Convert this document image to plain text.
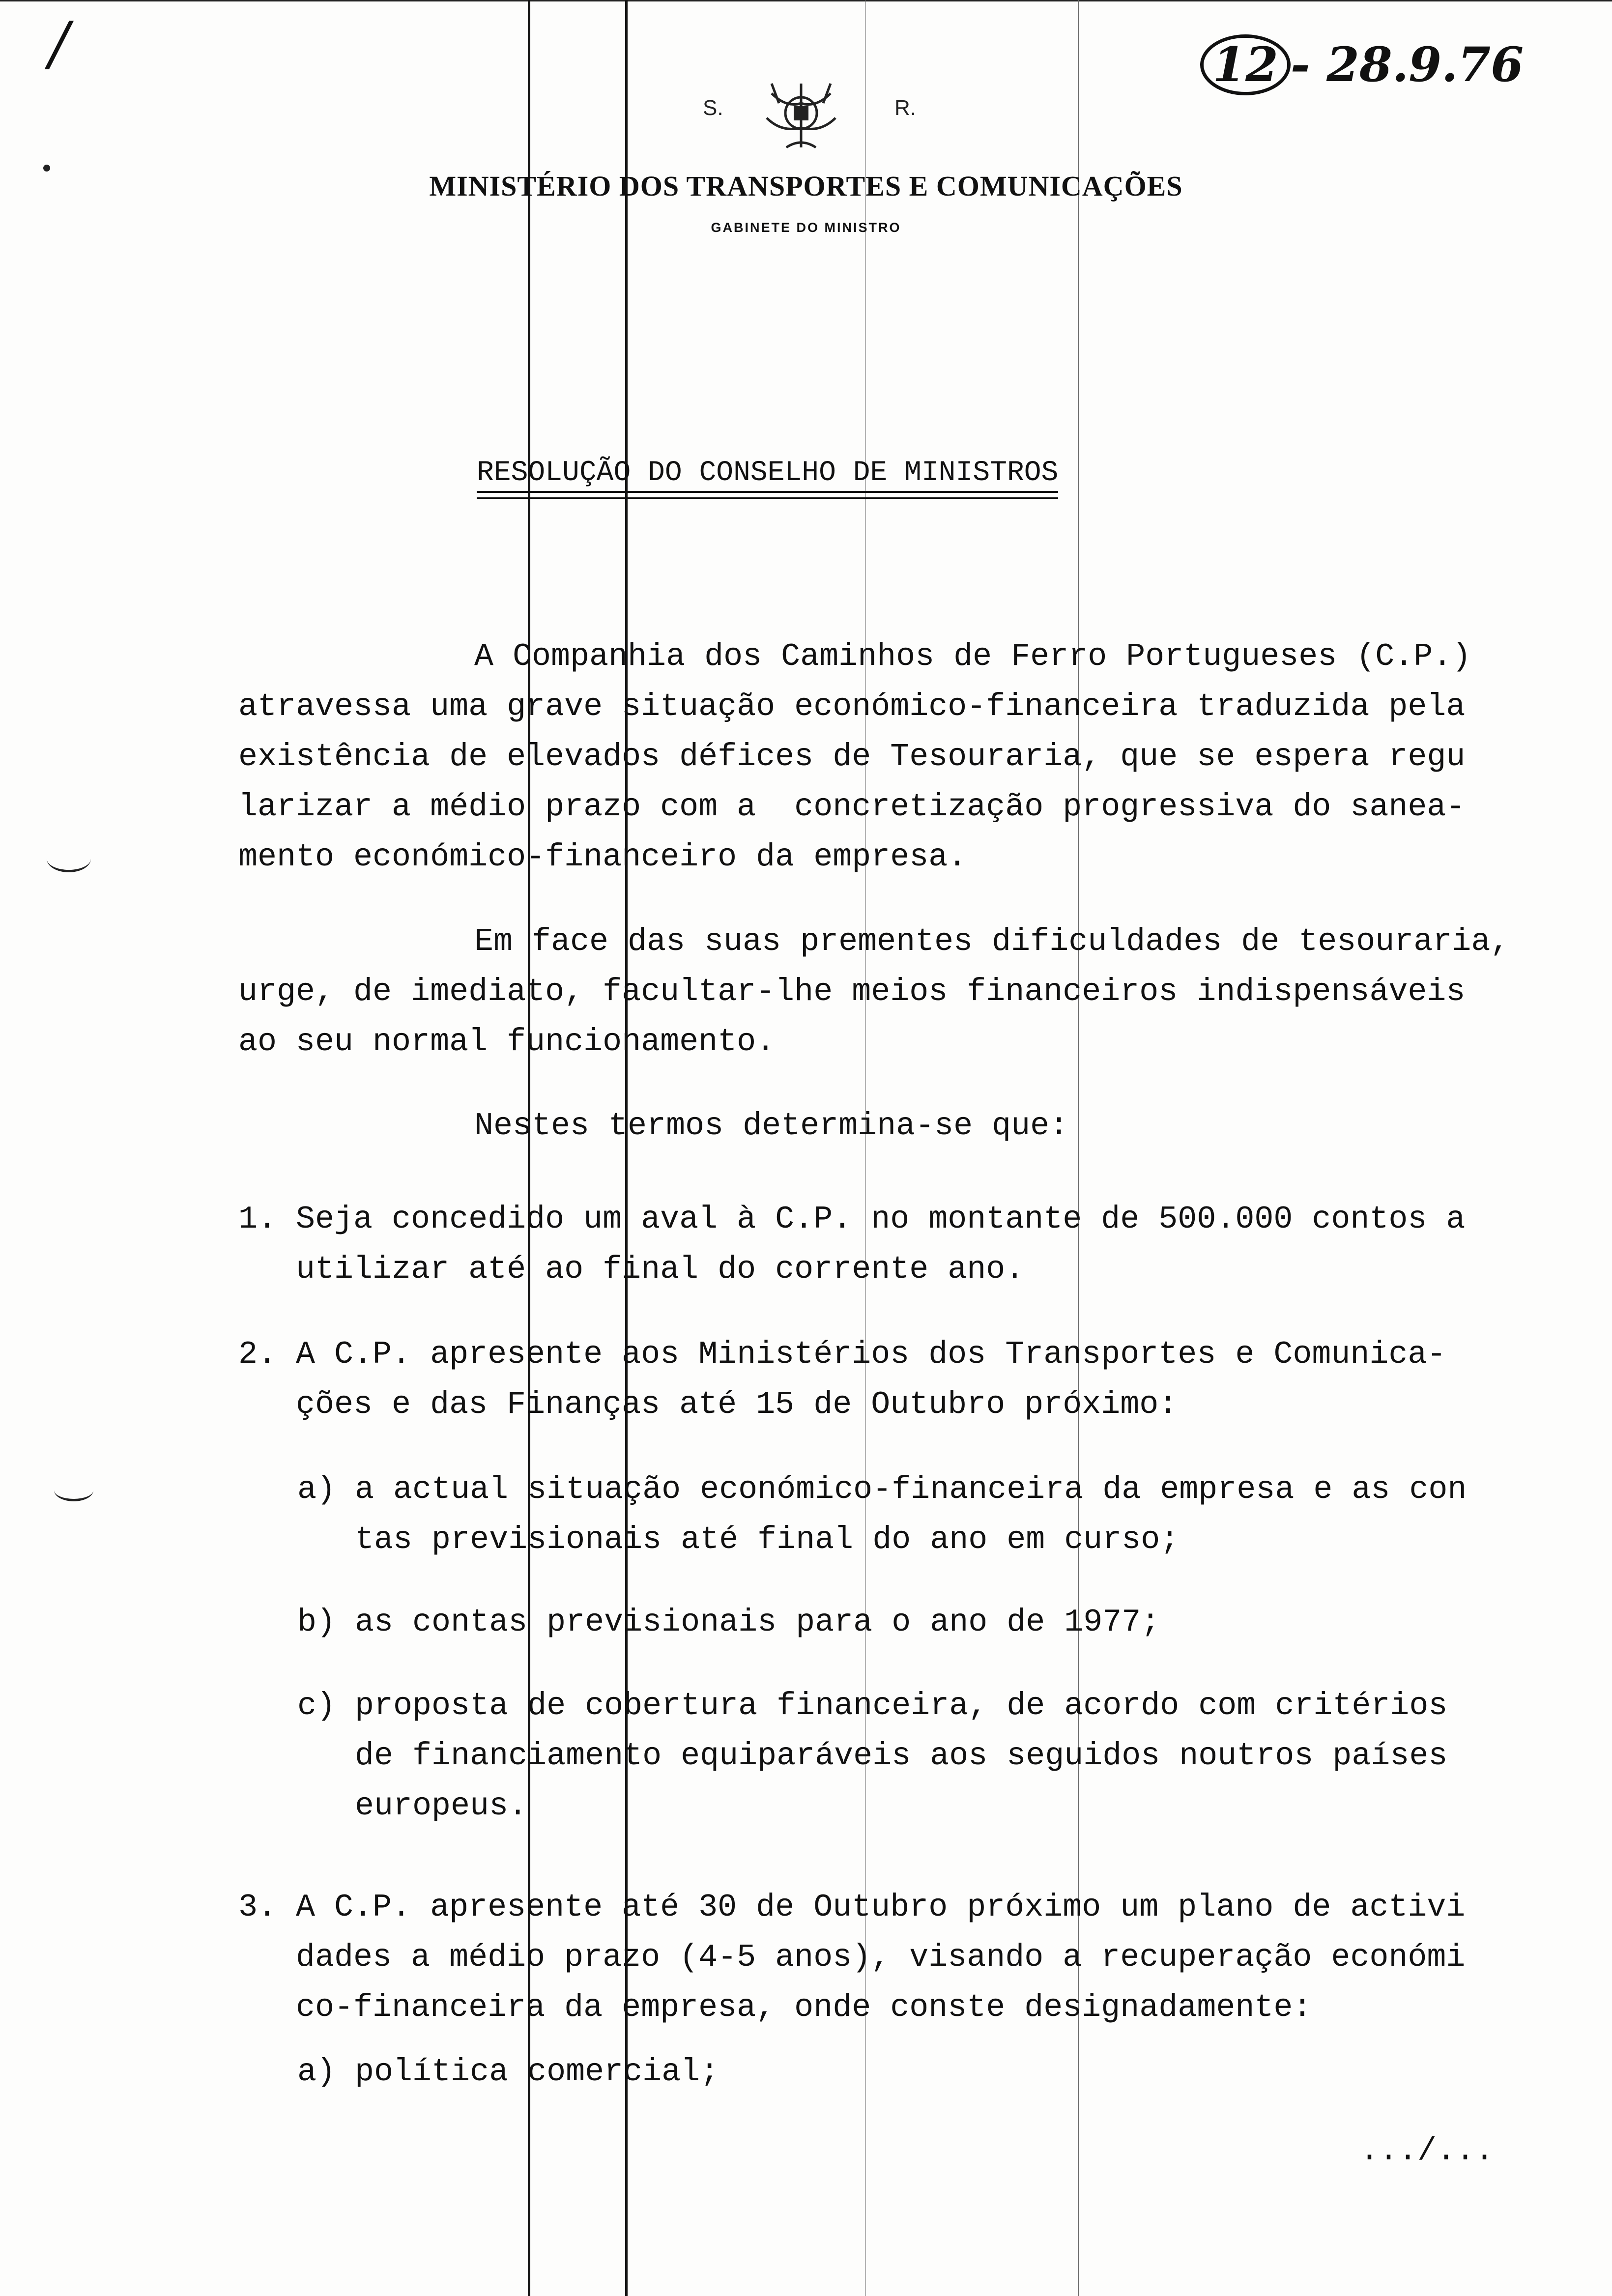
/	12 - 28.9.76
S.	R.
MINISTÉRIO DOS TRANSPORTES E COMUNICAÇÕES
GABINETE DO MINISTRO
RESOLUÇÃO DO CONSELHO DE MINISTROS
A Companhia dos Caminhos de Ferro Portugueses (C.P.)
atravessa uma grave situação económico-financeira traduzida pela
existência de elevados défices de Tesouraria, que se espera regu
larizar a médio prazo com a  concretização progressiva do sanea-
mento económico-financeiro da empresa.
Em face das suas prementes dificuldades de tesouraria,
urge, de imediato, facultar-lhe meios financeiros indispensáveis
ao seu normal funcionamento.
Nestes termos determina-se que:
1. Seja concedido um aval à C.P. no montante de 500.000 contos a
utilizar até ao final do corrente ano.
2. A C.P. apresente aos Ministérios dos Transportes e Comunica-
ções e das Finanças até 15 de Outubro próximo:
a) a actual situação económico-financeira da empresa e as con
tas previsionais até final do ano em curso;
b) as contas previsionais para o ano de 1977;
c) proposta de cobertura financeira, de acordo com critérios
de financiamento equiparáveis aos seguidos noutros países
europeus.
3. A C.P. apresente até 30 de Outubro próximo um plano de activi
dades a médio prazo (4-5 anos), visando a recuperação económi
co-financeira da empresa, onde conste designadamente:
a) política comercial;
.../...
